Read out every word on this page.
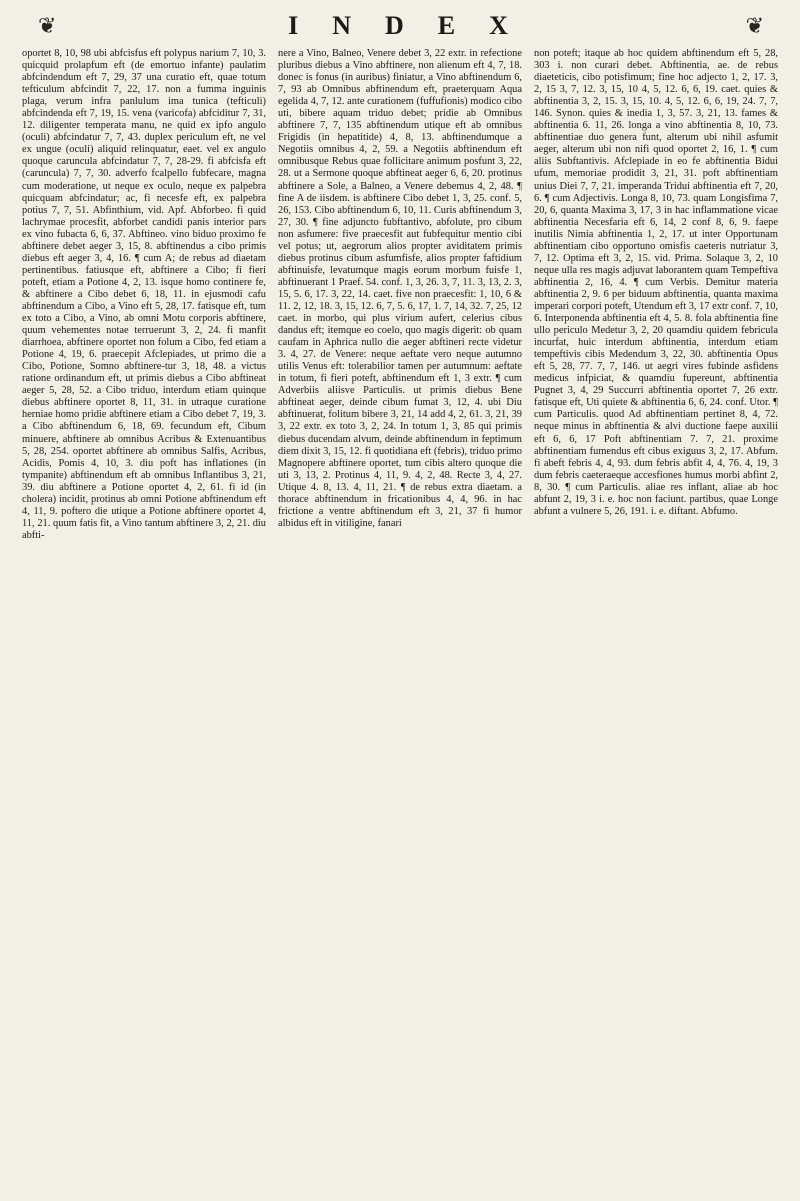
❦	INDEX	❦

oportet 8, 10, 98 ubi abfcisfus eft polypus narium 7, 10, 3. quicquid prolapfum eft (de emortuo infante) paulatim abfcindendum eft 7, 29, 37 una curatio eft, quae totum tefticulum abfcindit 7, 22, 17. non a fumma inguinis plaga, verum infra panlulum ima tunica (tefticuli) abfcindenda eft 7, 19, 15. vena (varicofa) abfciditur 7, 31, 12. diligenter temperata manu, ne quid ex ipfo angulo (oculi) abfcindatur 7, 7, 43. duplex periculum eft, ne vel ex ungue (oculi) aliquid relinquatur, eaet. vel ex angulo quoque caruncula abfcindatur 7, 7, 28-29. fi abfcisfa eft (caruncula) 7, 7, 30. adverfo fcalpello fubfecare, magna cum moderatione, ut neque ex oculo, neque ex palpebra quicquam abfcindatur; ac, fi necesfe eft, ex palpebra potius 7, 7, 51. Abfinthium, vid. Apf. Abforbeo. fi quid lachrymae procesfit, abforbet candidi panis interior pars ex vino fubacta 6, 6, 37. Abftineo. vino biduo proximo fe abftinere debet aeger 3, 15, 8. abftinendus a cibo primis diebus eft aeger 3, 4, 16. ¶ cum A; de rebus ad diaetam pertinentibus. fatiusque eft, abftinere a Cibo; fi fieri poteft, etiam a Potione 4, 2, 13. isque homo continere fe, & abftinere a Cibo debet 6, 18, 11. in ejusmodi cafu abftinendum a Cibo, a Vino eft 5, 28, 17. fatisque eft, tum ex toto a Cibo, a Vino, ab omni Motu corporis abftinere, quum vehementes notae terruerunt 3, 2, 24. fi manfit diarrhoea, abftinere oportet non folum a Cibo, fed etiam a Potione 4, 19, 6. praecepit Afclepiades, ut primo die a Cibo, Potione, Somno abftinere-tur 3, 18, 48. a victus ratione ordinandum eft, ut primis diebus a Cibo abftineat aeger 5, 28, 52. a Cibo triduo, interdum etiam quinque diebus abftinere oportet 8, 11, 31. in utraque curatione herniae homo pridie abftinere etiam a Cibo debet 7, 19, 3. a Cibo abftinendum 6, 18, 69. fecundum eft, Cibum minuere, abftinere ab omnibus Acribus & Extenuantibus 5, 28, 254. oportet abftinere ab omnibus Salfis, Acribus, Acidis, Pomis 4, 10, 3. diu poft has inflationes (in tympanite) abftinendum eft ab omnibus Inflantibus 3, 21, 39. diu abftinere a Potione oportet 4, 2, 61. fi id (in cholera) incidit, protinus ab omni Potione abftinendum eft 4, 11, 9. poftero die utique a Potione abftinere oportet 4, 11, 21. quum fatis fit, a Vino tantum abftinere 3, 2, 21. diu abfti-

nere a Vino, Balneo, Venere debet 3, 22 extr. in refectione pluribus diebus a Vino abftinere, non alienum eft 4, 7, 18. donec is fonus (in auribus) finiatur, a Vino abftinendum 6, 7, 93 ab Omnibus abftinendum eft, praeterquam Aqua egelida 4, 7, 12. ante curationem (fuffufionis) modico cibo uti, bibere aquam triduo debet; pridie ab Omnibus abftinere 7, 7, 135 abftinendum utique eft ab omnibus Frigidis (in hepatitide) 4, 8, 13. abftinendumque a Negotiis omnibus 4, 2, 59. a Negotiis abftinendum eft omnibusque Rebus quae follicitare animum posfunt 3, 22, 28. ut a Sermone quoque abftineat aeger 6, 6, 20. protinus abftinere a Sole, a Balneo, a Venere debemus 4, 2, 48. ¶ fine A de iisdem. is abftinere Cibo debet 1, 3, 25. conf. 5, 26, 153. Cibo abftinendum 6, 10, 11. Curis abftinendum 3, 27, 30. ¶ fine adjuncto fubftantivo, abfolute, pro cibum non asfumere: five praecesfit aut fubfequitur mentio cibi vel potus; ut, aegrorum alios propter aviditatem primis diebus protinus cibum asfumfisfe, alios propter faftidium abftinuisfe, levatumque magis eorum morbum fuisfe 1, abftinuerant 1 Praef. 54. conf. 1, 3, 26. 3, 7, 11. 3, 13, 2. 3, 15, 5. 6, 17. 3, 22, 14. caet. five non praecesfit: 1, 10, 6 & 11. 2, 12, 18. 3, 15, 12. 6, 7, 5. 6, 17, 1. 7, 14, 32. 7, 25, 12 caet. in morbo, qui plus virium aufert, celerius cibus dandus eft; itemque eo coelo, quo magis digerit: ob quam caufam in Aphrica nullo die aeger abftineri recte videtur 3. 4, 27. de Venere: neque aeftate vero neque autumno utilis Venus eft: tolerabilior tamen per autumnum: aeftate in totum, fi fieri poteft, abftinendum eft 1, 3 extr. ¶ cum Adverbiis aliisve Particulis. ut primis diebus Bene abftineat aeger, deinde cibum fumat 3, 12, 4. ubi Diu abftinuerat, folitum bibere 3, 21, 14 add 4, 2, 61. 3, 21, 39 3, 22 extr. ex toto 3, 2, 24. In totum 1, 3, 85 qui primis diebus ducendam alvum, deinde abftinendum in feptimum diem dixit 3, 15, 12. fi quotidiana eft (febris), triduo primo Magnopere abftinere oportet, tum cibis altero quoque die uti 3, 13, 2. Protinus 4, 11, 9. 4, 2, 48. Recte 3, 4, 27. Utique 4. 8, 13. 4, 11, 21. ¶ de rebus extra diaetam. a thorace abftinendum in fricationibus 4, 4, 96. in hac frictione a ventre abftinendum eft 3, 21, 37 fi humor albidus eft in vitiligine, fanari

non poteft; itaque ab hoc quidem abftinendum eft 5, 28, 303 i. non curari debet. Abftinentia, ae. de rebus diaeteticis, cibo potisfimum; fine hoc adjecto 1, 2, 17. 3, 2, 15 3, 7, 12. 3, 15, 10 4, 5, 12. 6, 6, 19. caet. quies & abftinentia 3, 2, 15. 3, 15, 10. 4, 5, 12. 6, 6, 19, 24. 7, 7, 146. Synon. quies & inedia 1, 3, 57. 3, 21, 13. fames & abftinentia 6. 11, 26. longa a vino abftinentia 8, 10, 73. abftinentiae duo genera funt, alterum ubi nihil asfumit aeger, alterum ubi non nifi quod oportet 2, 16, 1. ¶ cum aliis Subftantivis. Afclepiade in eo fe abftinentia Bidui ufum, memoriae prodidit 3, 21, 31. poft abftinentiam unius Diei 7, 7, 21. imperanda Tridui abftinentia eft 7, 20, 6. ¶ cum Adjectivis. Longa 8, 10, 73. quam Longisfima 7, 20, 6, quanta Maxima 3, 17, 3 in hac inflammatione vicae abftinentia Necesfaria eft 6, 14, 2 conf 8, 6, 9. faepe inutilis Nimia abftinentia 1, 2, 17. ut inter Opportunam abftinentiam cibo opportuno omisfis caeteris nutriatur 3, 7, 12. Optima eft 3, 2, 15. vid. Prima. Solaque 3, 2, 10 neque ulla res magis adjuvat laborantem quam Tempeftiva abftinentia 2, 16, 4. ¶ cum Verbis. Demitur materia abftinentia 2, 9. 6 per biduum abftinentia, quanta maxima imperari corpori poteft, Utendum eft 3, 17 extr conf. 7, 10, 6. Interponenda abftinentia eft 4, 5. 8. fola abftinentia fine ullo periculo Medetur 3, 2, 20 quamdiu quidem febricula incurfat, huic interdum abftinentia, interdum etiam tempeftivis cibis Medendum 3, 22, 30. abftinentia Opus eft 5, 28, 77. 7, 7, 146. ut aegri vires fubinde asfidens medicus infpiciat, & quamdiu fupereunt, abftinentia Pugnet 3, 4, 29 Succurri abftinentia oportet 7, 26 extr. fatisque eft, Uti quiete & abftinentia 6, 6, 24. conf. Utor. ¶ cum Particulis. quod Ad abftinentiam pertinet 8, 4, 72. neque minus in abftinentia & alvi ductione faepe auxilii eft 6, 6, 17 Poft abftinentiam 7. 7, 21. proxime abftinentiam fumendus eft cibus exiguus 3, 2, 17. Abfum. fi abeft febris 4, 4, 93. dum febris abfit 4, 4, 76. 4, 19, 3 dum febris caeteraeque accesfiones humus morbi abfint 2, 8, 30. ¶ cum Particulis. aliae res inflant, aliae ab hoc abfunt 2, 19, 3 i. e. hoc non faciunt. partibus, quae Longe abfunt a vulnere 5, 26, 191. i. e. diftant. Abfumo.
